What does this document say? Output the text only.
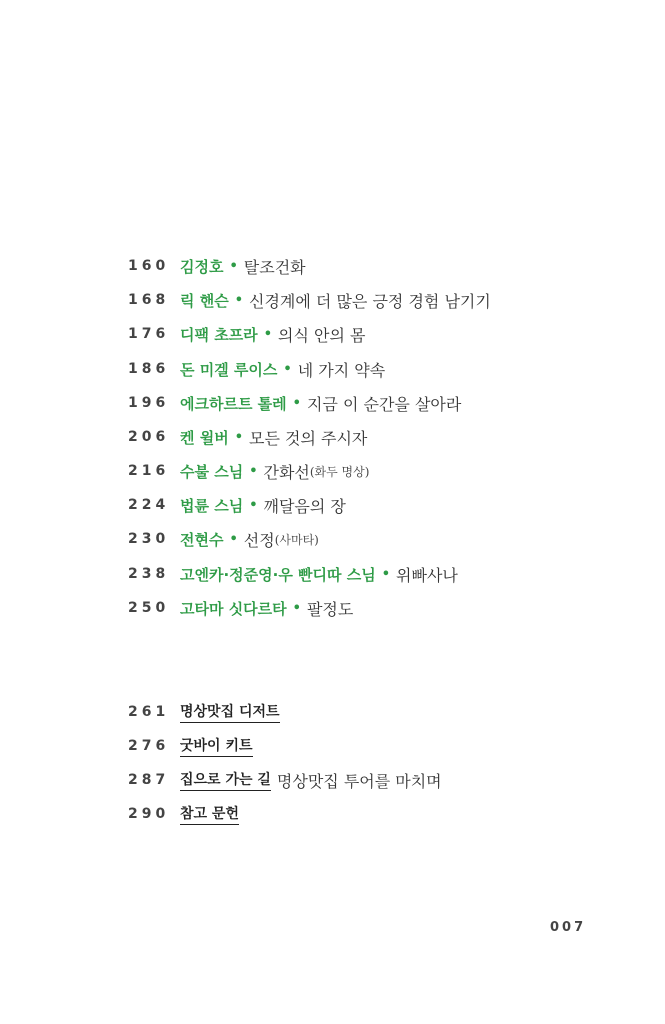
160 김정호 • 탈조건화
168 릭 핸슨 • 신경계에 더 많은 긍정 경험 남기기
176 디팩 초프라 • 의식 안의 몸
186 돈 미겔 루이스 • 네 가지 약속
196 에크하르트 톨레 • 지금 이 순간을 살아라
206 켄 윌버 • 모든 것의 주시자
216 수불 스님 • 간화선 (화두 명상)
224 법륜 스님 • 깨달음의 장
230 전현수 • 선정 (사마타)
238 고엔카·정준영·우 빤디따 스님 • 위빠사나
250 고타마 싯다르타 • 팔정도
261 명상맛집 디저트
276 굿바이 키트
287 집으로 가는 길 명상맛집 투어를 마치며
290 참고 문헌
007
